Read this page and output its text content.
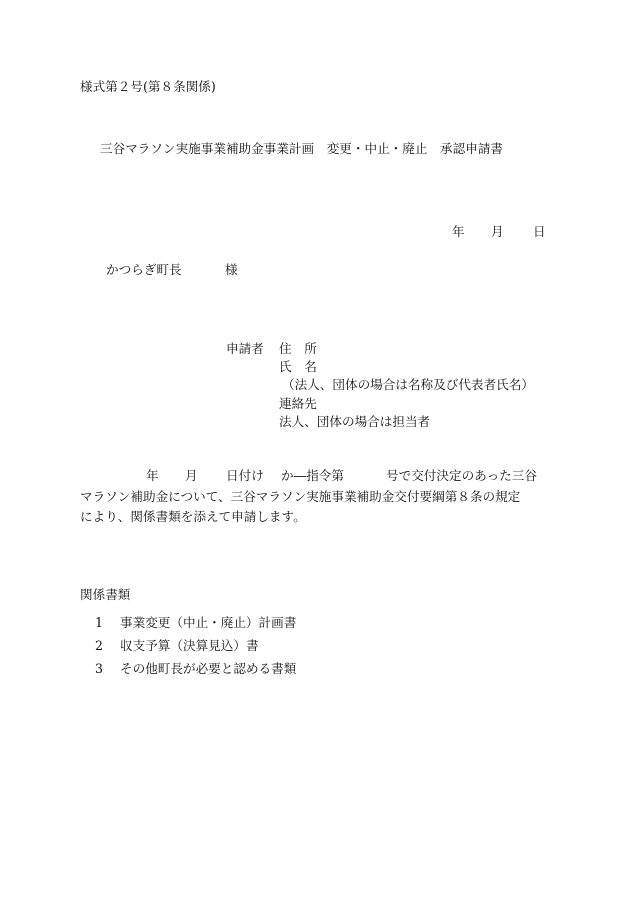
様式第２号(第８条関係)
三谷マラソン実施事業補助金事業計画　変更・中止・廃止　承認申請書
年 月 日
かつらぎ町長	様
申請者 住　所
氏　名
（法人、団体の場合は名称及び代表者氏名）
連絡先
法人、団体の場合は担当者
年 月 日付け か―指令第	号で交付決定のあった三谷
マラソン補助金について、三谷マラソン実施事業補助金交付要綱第８条の規定
により、関係書類を添えて申請します。
関係書類
1 事業変更（中止・廃止）計画書
2 収支予算（決算見込）書
3 その他町長が必要と認める書類
